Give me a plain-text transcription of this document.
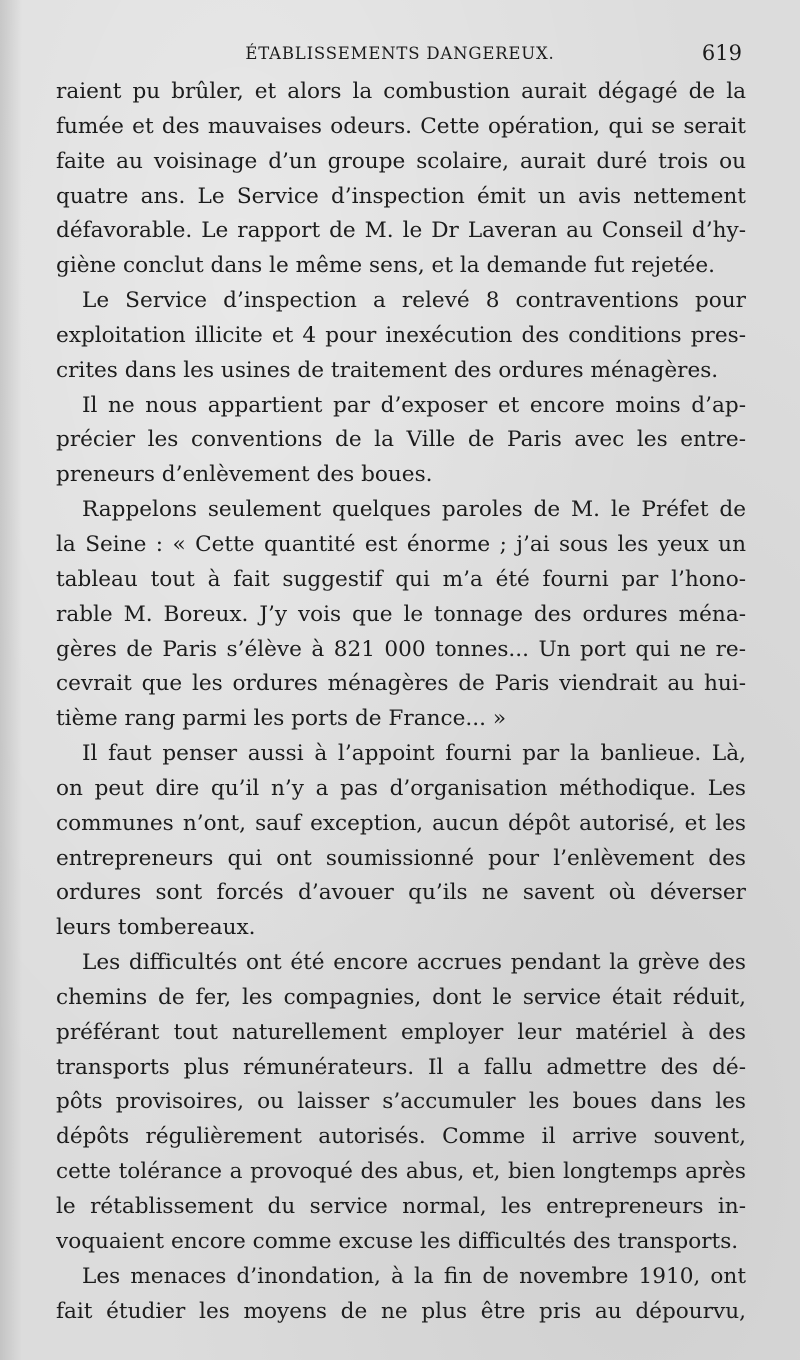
ÉTABLISSEMENTS DANGEREUX.	619
raient pu brûler, et alors la combustion aurait dégagé de la
fumée et des mauvaises odeurs. Cette opération, qui se serait
faite au voisinage d’un groupe scolaire, aurait duré trois ou
quatre ans. Le Service d’inspection émit un avis nettement
défavorable. Le rapport de M. le Dr Laveran au Conseil d’hy-
giène conclut dans le même sens, et la demande fut rejetée.
Le Service d’inspection a relevé 8 contraventions pour
exploitation illicite et 4 pour inexécution des conditions pres-
crites dans les usines de traitement des ordures ménagères.
Il ne nous appartient par d’exposer et encore moins d’ap-
précier les conventions de la Ville de Paris avec les entre-
preneurs d’enlèvement des boues.
Rappelons seulement quelques paroles de M. le Préfet de
la Seine : « Cette quantité est énorme ; j’ai sous les yeux un
tableau tout à fait suggestif qui m’a été fourni par l’hono-
rable M. Boreux. J’y vois que le tonnage des ordures ména-
gères de Paris s’élève à 821 000 tonnes... Un port qui ne re-
cevrait que les ordures ménagères de Paris viendrait au hui-
tième rang parmi les ports de France... »
Il faut penser aussi à l’appoint fourni par la banlieue. Là,
on peut dire qu’il n’y a pas d’organisation méthodique. Les
communes n’ont, sauf exception, aucun dépôt autorisé, et les
entrepreneurs qui ont soumissionné pour l’enlèvement des
ordures sont forcés d’avouer qu’ils ne savent où déverser
leurs tombereaux.
Les difficultés ont été encore accrues pendant la grève des
chemins de fer, les compagnies, dont le service était réduit,
préférant tout naturellement employer leur matériel à des
transports plus rémunérateurs. Il a fallu admettre des dé-
pôts provisoires, ou laisser s’accumuler les boues dans les
dépôts régulièrement autorisés. Comme il arrive souvent,
cette tolérance a provoqué des abus, et, bien longtemps après
le rétablissement du service normal, les entrepreneurs in-
voquaient encore comme excuse les difficultés des transports.
Les menaces d’inondation, à la fin de novembre 1910, ont
fait étudier les moyens de ne plus être pris au dépourvu,
